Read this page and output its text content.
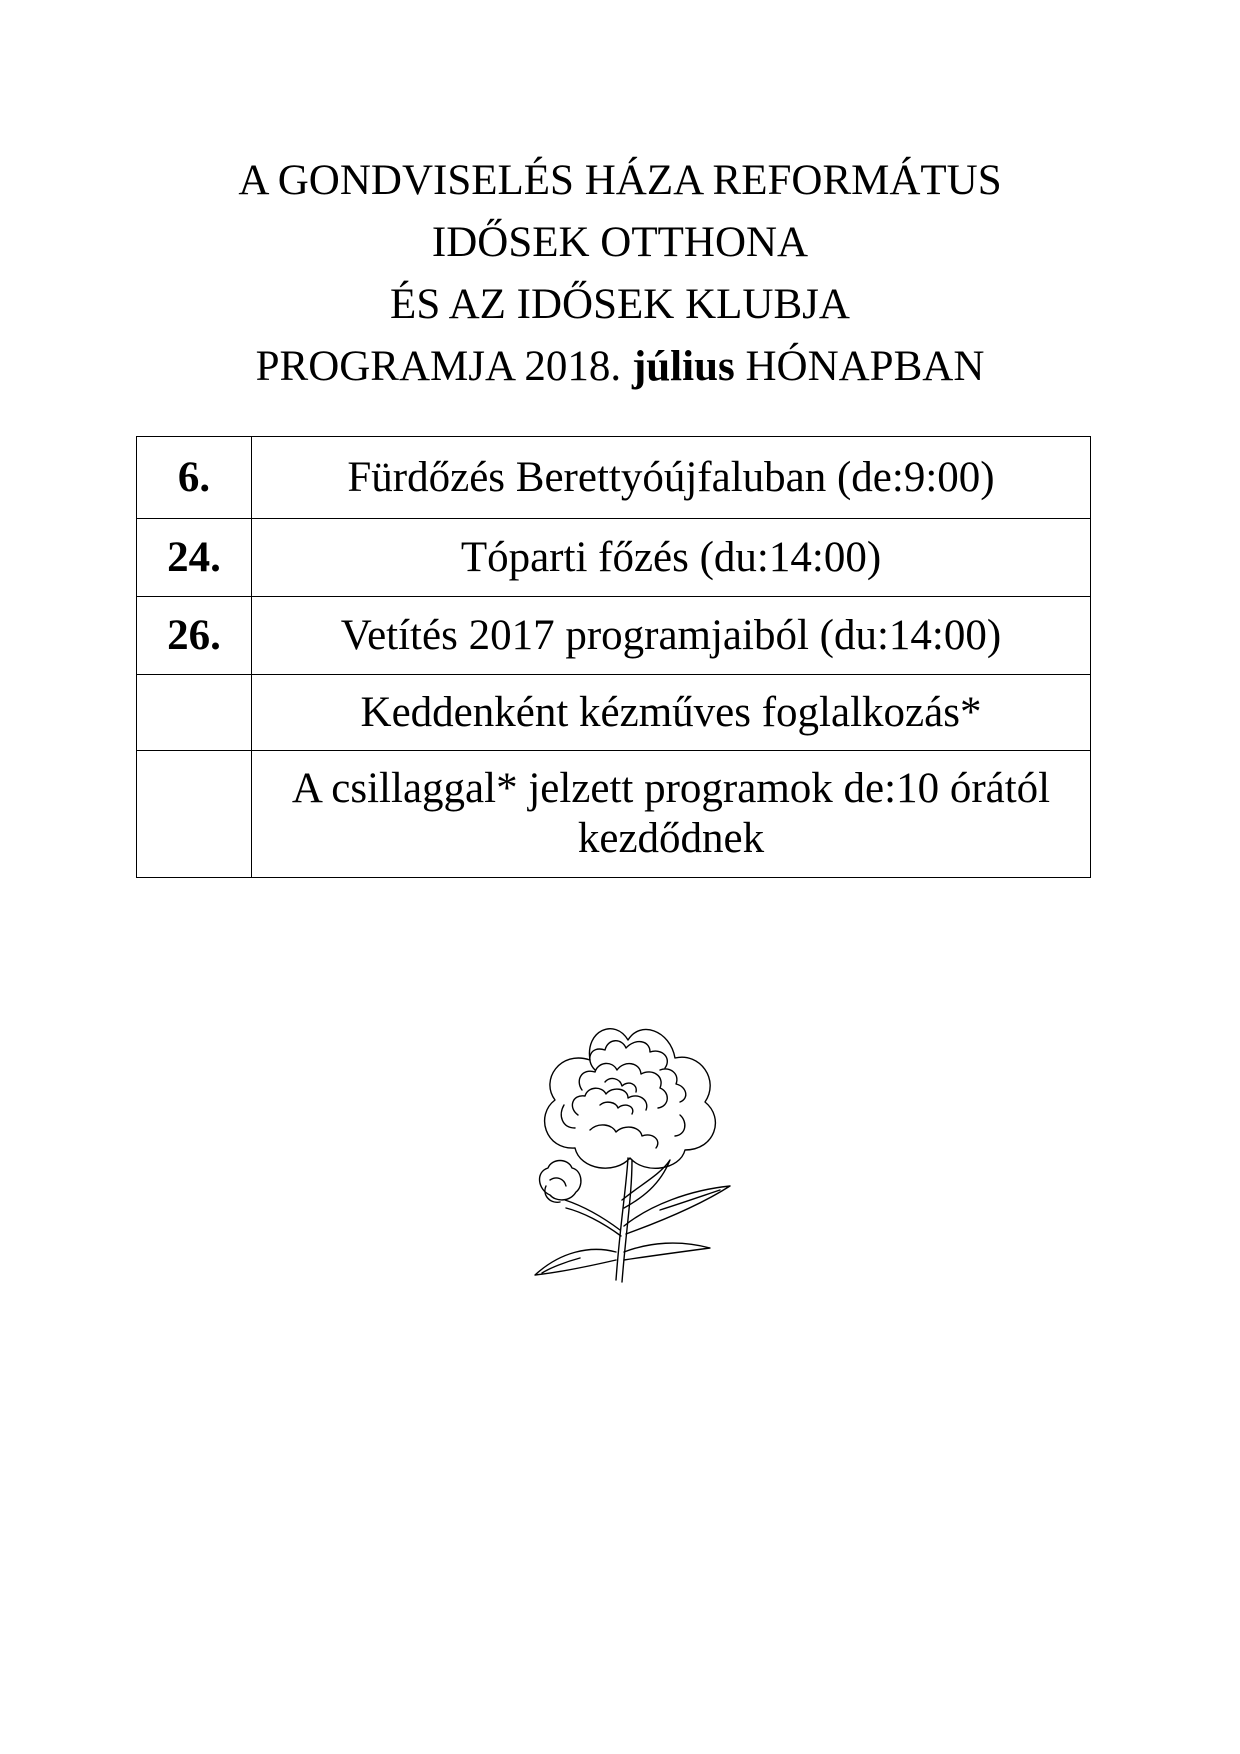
A GONDVISELÉS HÁZA REFORMÁTUS
IDŐSEK OTTHONA
ÉS AZ IDŐSEK KLUBJA
PROGRAMJA 2018. július HÓNAPBAN
6.	Fürdőzés Berettyóújfaluban (de:9:00)
24.	Tóparti főzés (du:14:00)
26.	Vetítés 2017 programjaiból (du:14:00)
	Keddenként kézműves foglalkozás*
	A csillaggal* jelzett programok de:10 órától kezdődnek
